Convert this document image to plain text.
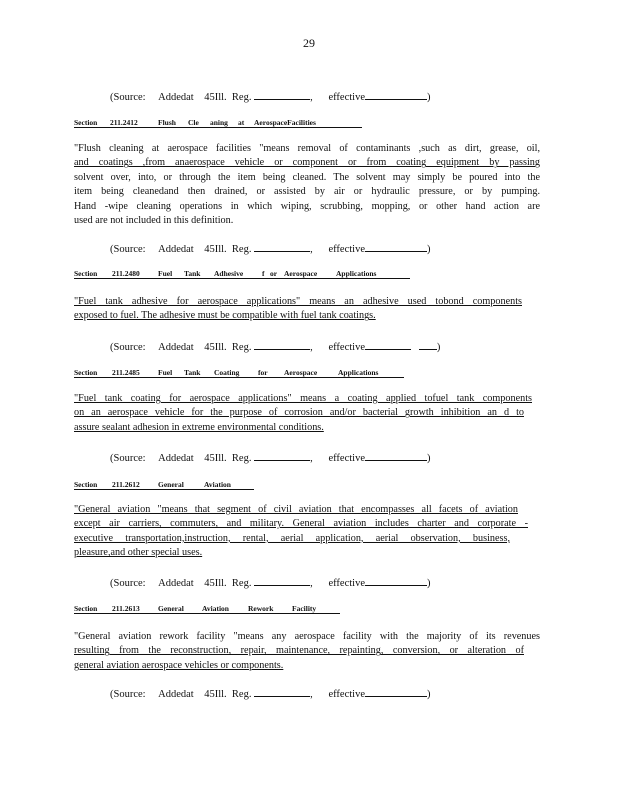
29
(Source: Addedat 45Ill. Reg.	, effective	)
Section 211.2412	Flush Cle aning at AerospaceFacilities
"Flush cleaning at aerospace facilities "means removal of contaminants ,such as dirt, grease, oil,
and coatings ,from anaerospace vehicle or component or from coating equipment by passing
solvent over, into, or through the item being cleaned. The solvent may simply be poured into the
item being cleanedand then drained, or assisted by air or hydraulic pressure, or by pumping.
Hand -wipe cleaning operations in which wiping, scrubbing, mopping, or other hand action are
used are not included in this definition.
(Source: Addedat 45Ill. Reg.	, effective	)
Section 211.2480 Fuel Tank Adhesive	f or Aerospace	Applications
"Fuel tank adhesive for aerospace applications" means an adhesive used tobond components
exposed to fuel. The adhesive must be compatible with fuel tank coatings.
(Source: Addedat 45Ill. Reg.	, effective	)
Section 211.2485 Fuel Tank Coating for Aerospace	Applications
"Fuel tank coating for aerospace applications" means a coating applied tofuel tank components
on an aerospace vehicle for the purpose of corrosion and/or bacterial growth inhibition an d to
assure sealant adhesion in extreme environmental conditions.
(Source: Addedat 45Ill. Reg.	, effective	)
Section 211.2612 General	Aviation
"General aviation "means that segment of civil aviation that encompasses all facets of aviation
except air carriers, commuters, and military. General aviation includes charter and corporate -
executive transportation,instruction, rental, aerial application, aerial observation, business,
pleasure,and other special uses.
(Source: Addedat 45Ill. Reg.	, effective	)
Section 211.2613 General Aviation	Rework Facility
"General aviation rework facility "means any aerospace facility with the majority of its revenues
resulting from the reconstruction, repair, maintenance, repainting, conversion, or alteration of
general aviation aerospace vehicles or components.
(Source: Addedat 45Ill. Reg.	, effective	)
